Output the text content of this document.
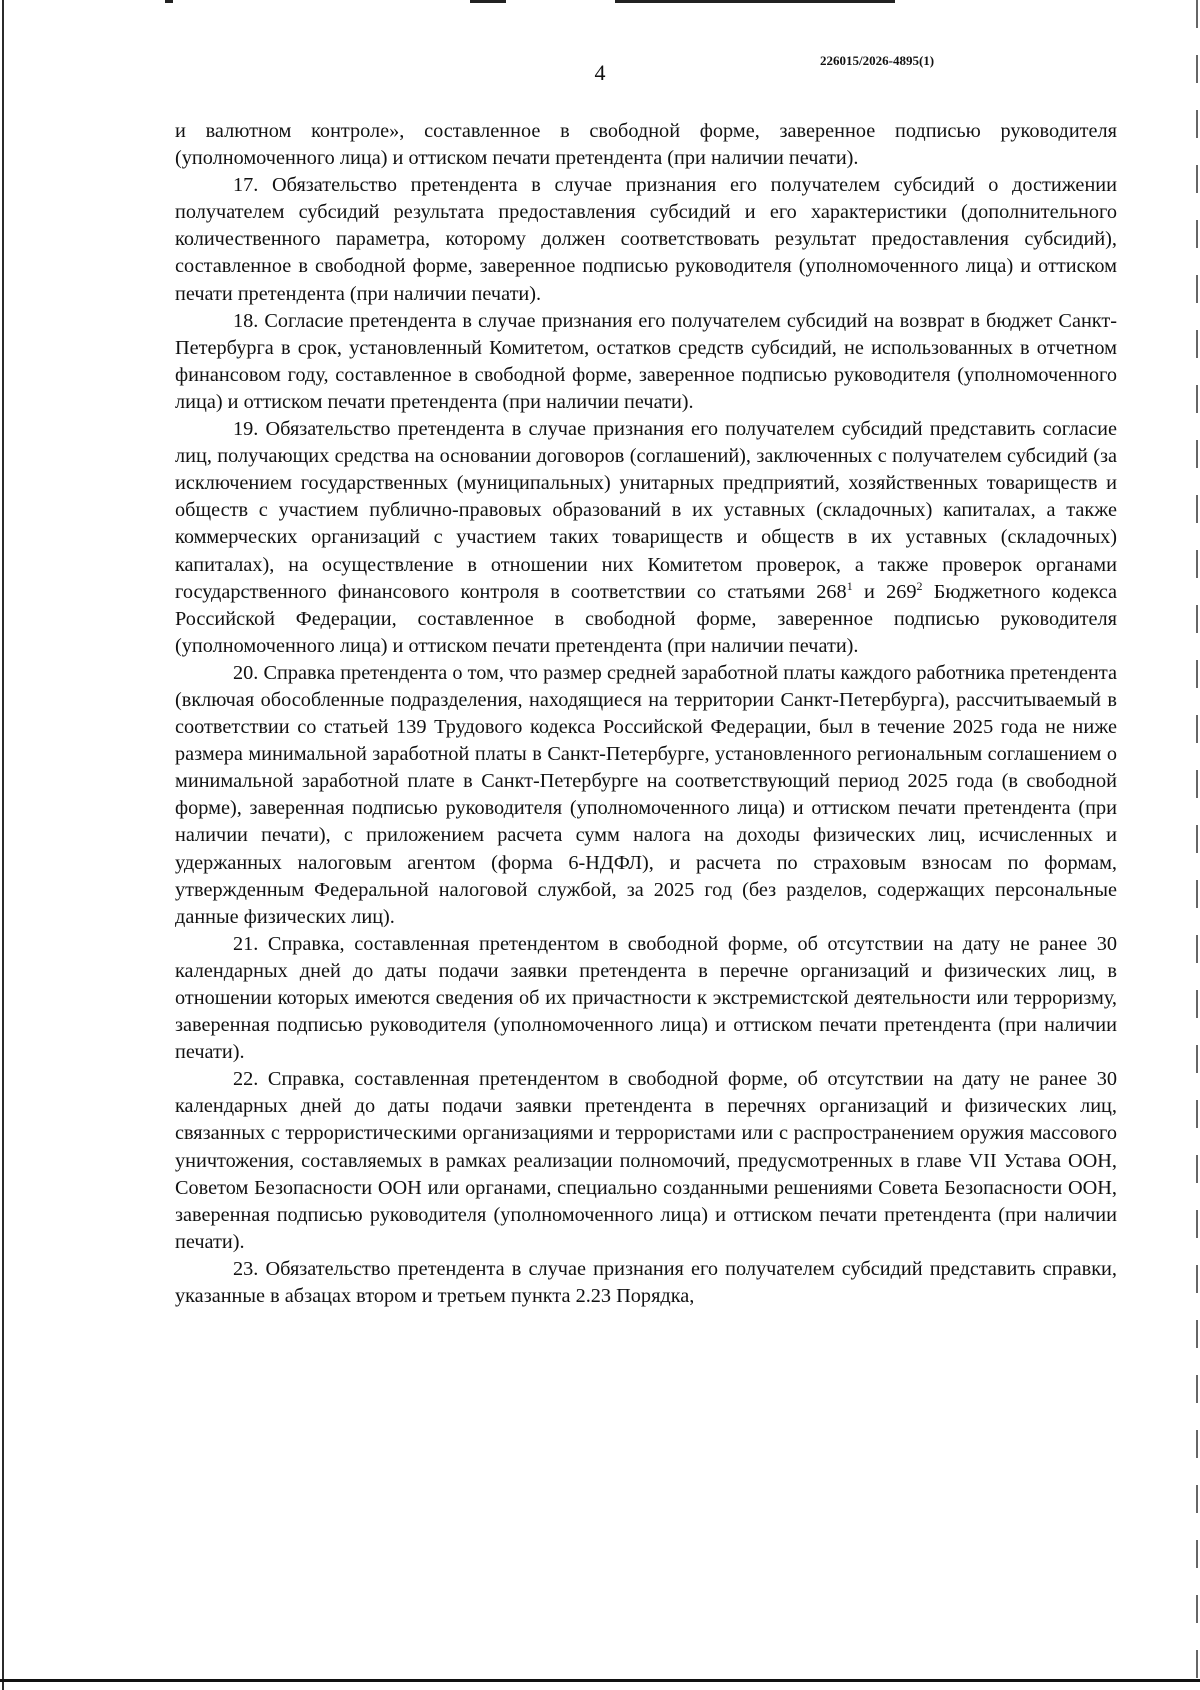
4	226015/2026-4895(1)

и валютном контроле», составленное в свободной форме, заверенное подписью руководителя (уполномоченного лица) и оттиском печати претендента (при наличии печати).

17. Обязательство претендента в случае признания его получателем субсидий о достижении получателем субсидий результата предоставления субсидий и его характеристики (дополнительного количественного параметра, которому должен соответствовать результат предоставления субсидий), составленное в свободной форме, заверенное подписью руководителя (уполномоченного лица) и оттиском печати претендента (при наличии печати).

18. Согласие претендента в случае признания его получателем субсидий на возврат в бюджет Санкт-Петербурга в срок, установленный Комитетом, остатков средств субсидий, не использованных в отчетном финансовом году, составленное в свободной форме, заверенное подписью руководителя (уполномоченного лица) и оттиском печати претендента (при наличии печати).

19. Обязательство претендента в случае признания его получателем субсидий представить согласие лиц, получающих средства на основании договоров (соглашений), заключенных с получателем субсидий (за исключением государственных (муниципальных) унитарных предприятий, хозяйственных товариществ и обществ с участием публично-правовых образований в их уставных (складочных) капиталах, а также коммерческих организаций с участием таких товариществ и обществ в их уставных (складочных) капиталах), на осуществление в отношении них Комитетом проверок, а также проверок органами государственного финансового контроля в соответствии со статьями $268^1$ и $269^2$ Бюджетного кодекса Российской Федерации, составленное в свободной форме, заверенное подписью руководителя (уполномоченного лица) и оттиском печати претендента (при наличии печати).

20. Справка претендента о том, что размер средней заработной платы каждого работника претендента (включая обособленные подразделения, находящиеся на территории Санкт-Петербурга), рассчитываемый в соответствии со статьей 139 Трудового кодекса Российской Федерации, был в течение 2025 года не ниже размера минимальной заработной платы в Санкт-Петербурге, установленного региональным соглашением о минимальной заработной плате в Санкт-Петербурге на соответствующий период 2025 года (в свободной форме), заверенная подписью руководителя (уполномоченного лица) и оттиском печати претендента (при наличии печати), с приложением расчета сумм налога на доходы физических лиц, исчисленных и удержанных налоговым агентом (форма 6-НДФЛ), и расчета по страховым взносам по формам, утвержденным Федеральной налоговой службой, за 2025 год (без разделов, содержащих персональные данные физических лиц).

21. Справка, составленная претендентом в свободной форме, об отсутствии на дату не ранее 30 календарных дней до даты подачи заявки претендента в перечне организаций и физических лиц, в отношении которых имеются сведения об их причастности к экстремистской деятельности или терроризму, заверенная подписью руководителя (уполномоченного лица) и оттиском печати претендента (при наличии печати).

22. Справка, составленная претендентом в свободной форме, об отсутствии на дату не ранее 30 календарных дней до даты подачи заявки претендента в перечнях организаций и физических лиц, связанных с террористическими организациями и террористами или с распространением оружия массового уничтожения, составляемых в рамках реализации полномочий, предусмотренных в главе VII Устава ООН, Советом Безопасности ООН или органами, специально созданными решениями Совета Безопасности ООН, заверенная подписью руководителя (уполномоченного лица) и оттиском печати претендента (при наличии печати).

23. Обязательство претендента в случае признания его получателем субсидий представить справки, указанные в абзацах втором и третьем пункта 2.23 Порядка,
